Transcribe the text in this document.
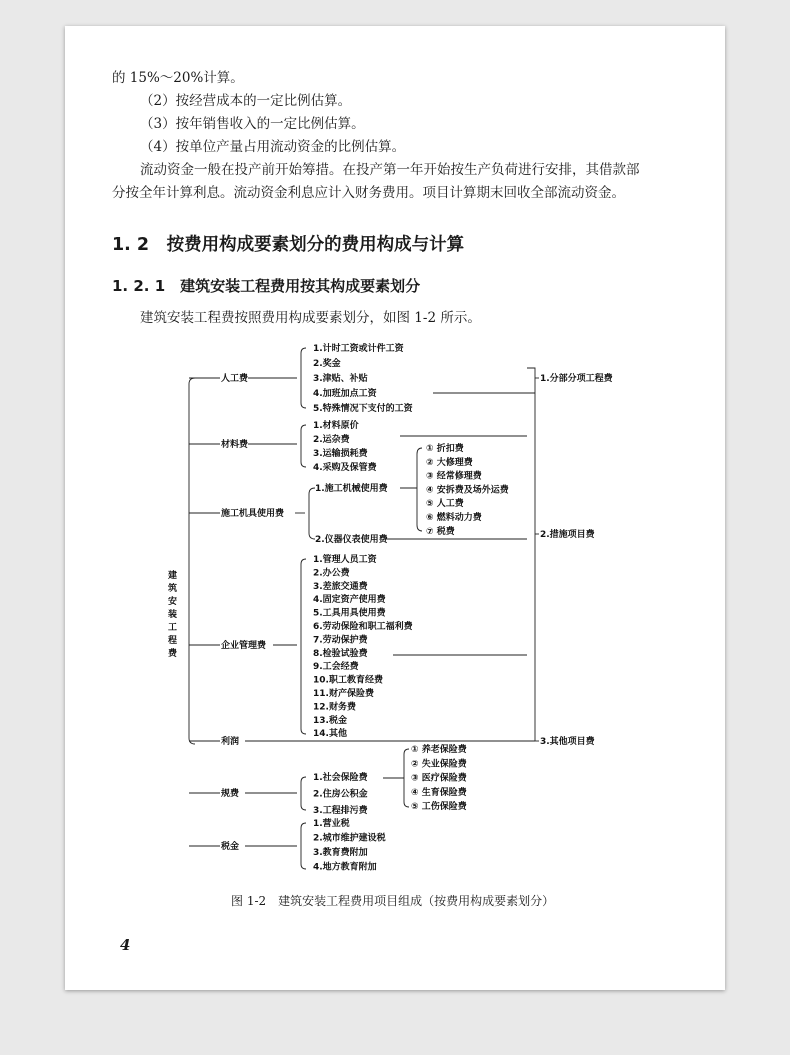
的 15%～20%计算。
（2）按经营成本的一定比例估算。
（3）按年销售收入的一定比例估算。
（4）按单位产量占用流动资金的比例估算。
流动资金一般在投产前开始筹措。在投产第一年开始按生产负荷进行安排，其借款部
分按全年计算利息。流动资金利息应计入财务费用。项目计算期末回收全部流动资金。
1. 2　按费用构成要素划分的费用构成与计算
1. 2. 1　建筑安装工程费用按其构成要素划分
建筑安装工程费按照费用构成要素划分，如图 1-2 所示。
建
筑
安
装
工
程
费
人工费
材料费
施工机具使用费
企业管理费
利润
规费
税金
1.计时工资或计件工资
2.奖金
3.津贴、补贴
4.加班加点工资
5.特殊情况下支付的工资
1.材料原价
2.运杂费
3.运输损耗费
4.采购及保管费
1.施工机械使用费
2.仪器仪表使用费
① 折扣费
② 大修理费
③ 经常修理费
④ 安拆费及场外运费
⑤ 人工费
⑥ 燃料动力费
⑦ 税费
1.管理人员工资
2.办公费
3.差旅交通费
4.固定资产使用费
5.工具用具使用费
6.劳动保险和职工福利费
7.劳动保护费
8.检验试验费
9.工会经费
10.职工教育经费
11.财产保险费
12.财务费
13.税金
14.其他
1.社会保险费
2.住房公积金
3.工程排污费
① 养老保险费
② 失业保险费
③ 医疗保险费
④ 生育保险费
⑤ 工伤保险费
1.营业税
2.城市维护建设税
3.教育费附加
4.地方教育附加
1.分部分项工程费
2.措施项目费
3.其他项目费
图 1-2　建筑安装工程费用项目组成（按费用构成要素划分）
4
